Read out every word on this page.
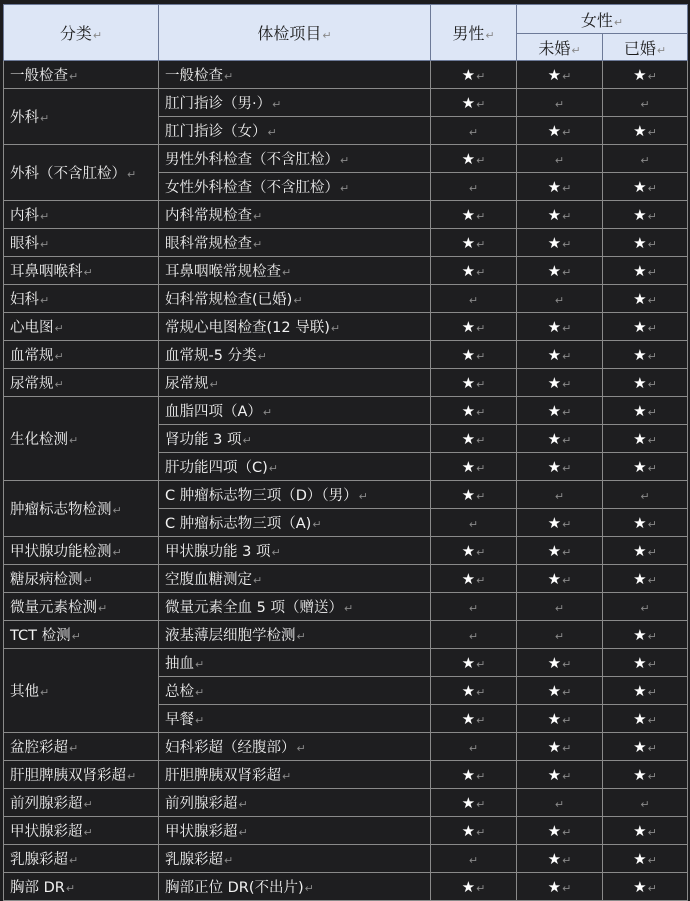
分类↵	体检项目↵	男性↵	女性↵	
			未婚↵	已婚↵
一般检查↵	一般检查↵	★↵	★↵	★↵
外科↵	肛门指诊（男·）↵	★↵	↵	↵
	肛门指诊（女）↵	↵	★↵	★↵
外科（不含肛检）↵	男性外科检查（不含肛检）↵	★↵	↵	↵
	女性外科检查（不含肛检）↵	↵	★↵	★↵
内科↵	内科常规检查↵	★↵	★↵	★↵
眼科↵	眼科常规检查↵	★↵	★↵	★↵
耳鼻咽喉科↵	耳鼻咽喉常规检查↵	★↵	★↵	★↵
妇科↵	妇科常规检查(已婚)↵	↵	↵	★↵
心电图↵	常规心电图检查(12 导联)↵	★↵	★↵	★↵
血常规↵	血常规-5 分类↵	★↵	★↵	★↵
尿常规↵	尿常规↵	★↵	★↵	★↵
生化检测↵	血脂四项（A）↵	★↵	★↵	★↵
	肾功能 3 项↵	★↵	★↵	★↵
	肝功能四项（C)↵	★↵	★↵	★↵
肿瘤标志物检测↵	C 肿瘤标志物三项（D）（男）↵	★↵	↵	↵
	C 肿瘤标志物三项（A)↵	↵	★↵	★↵
甲状腺功能检测↵	甲状腺功能 3 项↵	★↵	★↵	★↵
糖尿病检测↵	空腹血糖测定↵	★↵	★↵	★↵
微量元素检测↵	微量元素全血 5 项（赠送）↵	↵	↵	↵
TCT 检测↵	液基薄层细胞学检测↵	↵	↵	★↵
其他↵	抽血↵	★↵	★↵	★↵
	总检↵	★↵	★↵	★↵
	早餐↵	★↵	★↵	★↵
盆腔彩超↵	妇科彩超（经腹部）↵	↵	★↵	★↵
肝胆脾胰双肾彩超↵	肝胆脾胰双肾彩超↵	★↵	★↵	★↵
前列腺彩超↵	前列腺彩超↵	★↵	↵	↵
甲状腺彩超↵	甲状腺彩超↵	★↵	★↵	★↵
乳腺彩超↵	乳腺彩超↵	↵	★↵	★↵
胸部 DR↵	胸部正位 DR(不出片)↵	★↵	★↵	★↵
